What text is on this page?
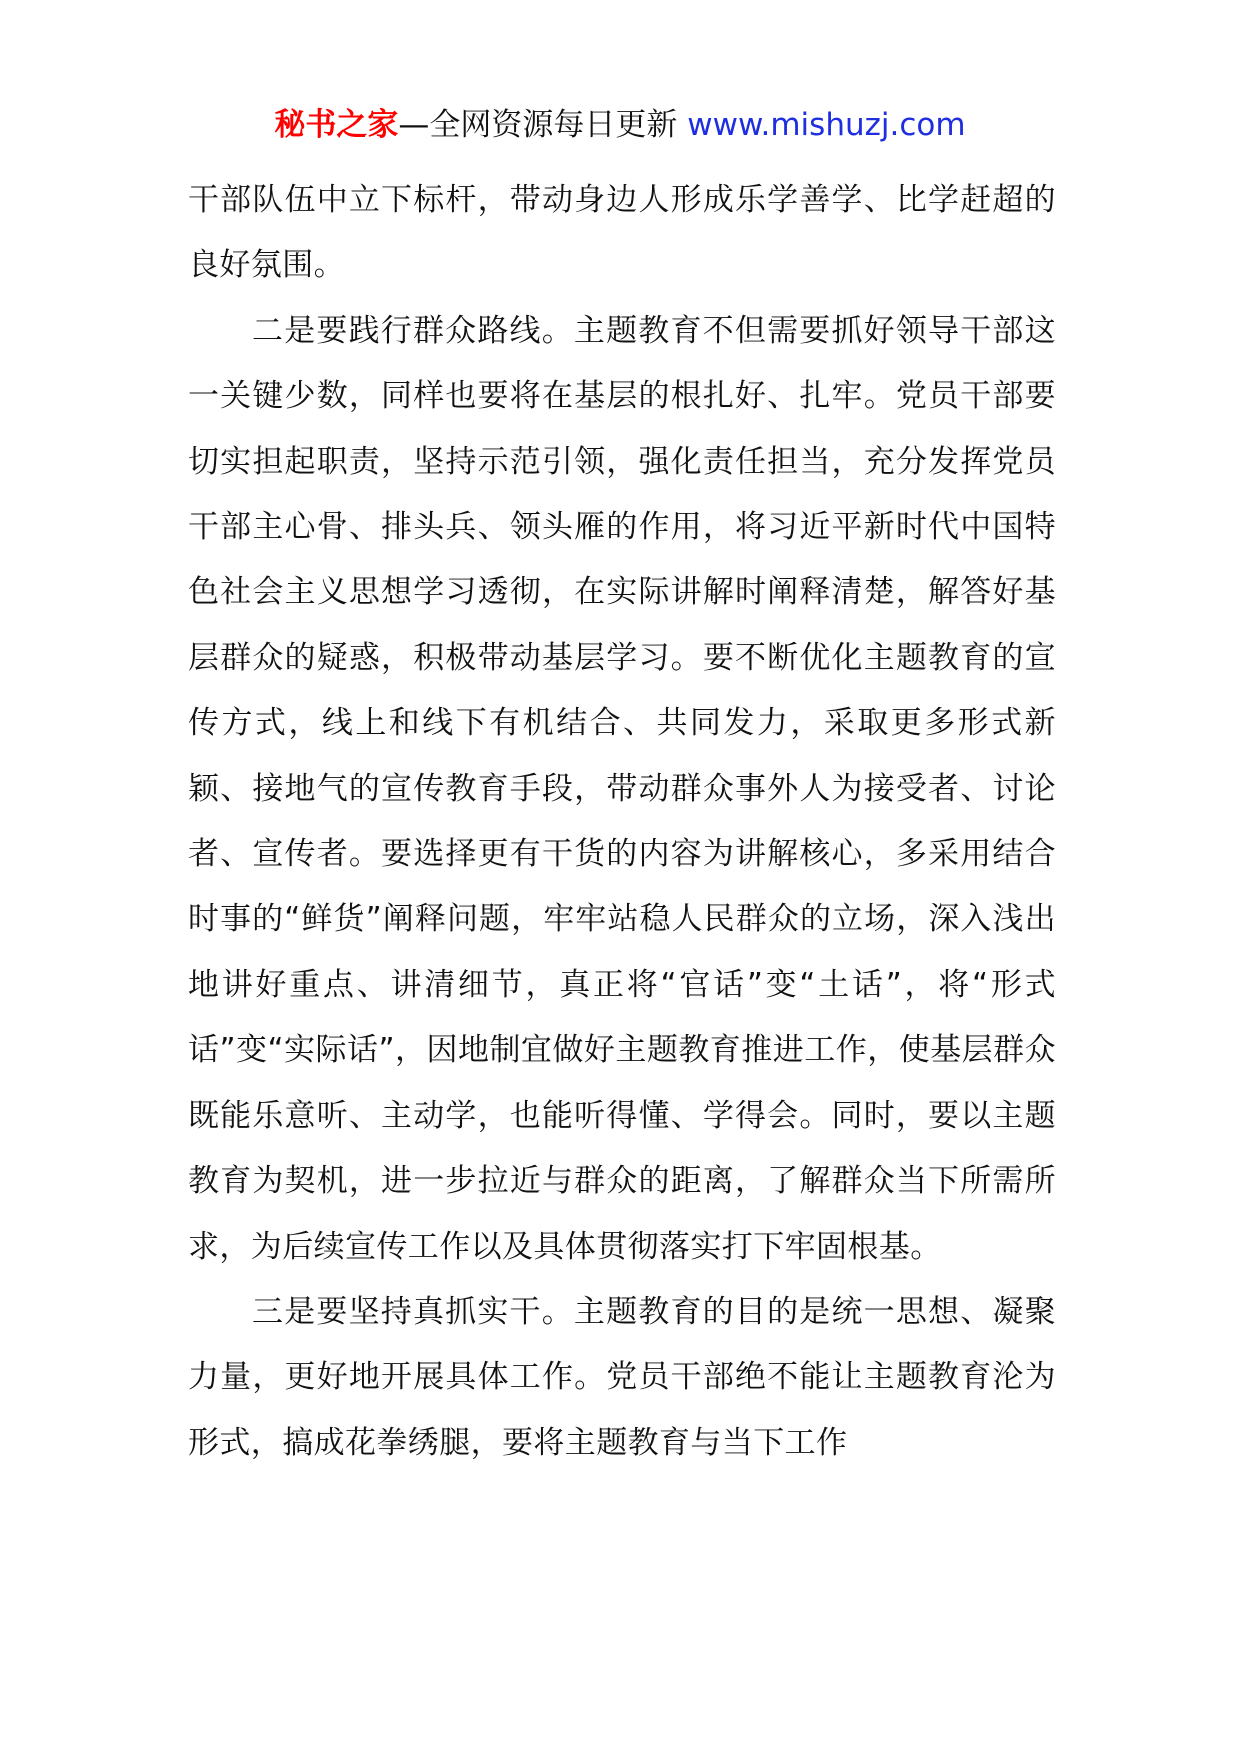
秘书之家—全网资源每日更新 www.mishuzj.com

干部队伍中立下标杆，带动身边人形成乐学善学、比学赶超的良好氛围。

二是要践行群众路线。主题教育不但需要抓好领导干部这一关键少数，同样也要将在基层的根扎好、扎牢。党员干部要切实担起职责，坚持示范引领，强化责任担当，充分发挥党员干部主心骨、排头兵、领头雁的作用，将习近平新时代中国特色社会主义思想学习透彻，在实际讲解时阐释清楚，解答好基层群众的疑惑，积极带动基层学习。要不断优化主题教育的宣传方式，线上和线下有机结合、共同发力，采取更多形式新颖、接地气的宣传教育手段，带动群众事外人为接受者、讨论者、宣传者。要选择更有干货的内容为讲解核心，多采用结合时事的“鲜货”阐释问题，牢牢站稳人民群众的立场，深入浅出地讲好重点、讲清细节，真正将“官话”变“土话”，将“形式话”变“实际话”，因地制宜做好主题教育推进工作，使基层群众既能乐意听、主动学，也能听得懂、学得会。同时，要以主题教育为契机，进一步拉近与群众的距离，了解群众当下所需所求，为后续宣传工作以及具体贯彻落实打下牢固根基。

三是要坚持真抓实干。主题教育的目的是统一思想、凝聚力量，更好地开展具体工作。党员干部绝不能让主题教育沦为形式，搞成花拳绣腿，要将主题教育与当下工作
